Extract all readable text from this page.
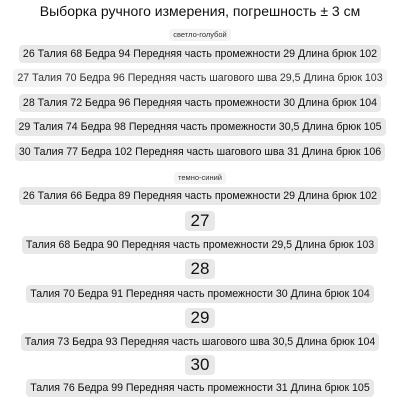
Выборка ручного измерения, погрешность ± 3 см
светло-голубой
26 Талия 68 Бедра 94 Передняя часть промежности 29 Длина брюк 102
27 Талия 70 Бедра 96 Передняя часть шагового шва 29,5 Длина брюк 103
28 Талия 72 Бедра 96 Передняя часть промежности 30 Длина брюк 104
29 Талия 74 Бедра 98 Передняя часть промежности 30,5 Длина брюк 105
30 Талия 77 Бедра 102 Передняя часть шагового шва 31 Длина брюк 106
темно-синий
26 Талия 66 Бедра 89 Передняя часть промежности 29 Длина брюк 102
27
Талия 68 Бедра 90 Передняя часть промежности 29,5 Длина брюк 103
28
Талия 70 Бедра 91 Передняя часть промежности 30 Длина брюк 104
29
Талия 73 Бедра 93 Передняя часть шагового шва 30,5 Длина брюк 104
30
Талия 76 Бедра 99 Передняя часть промежности 31 Длина брюк 105
